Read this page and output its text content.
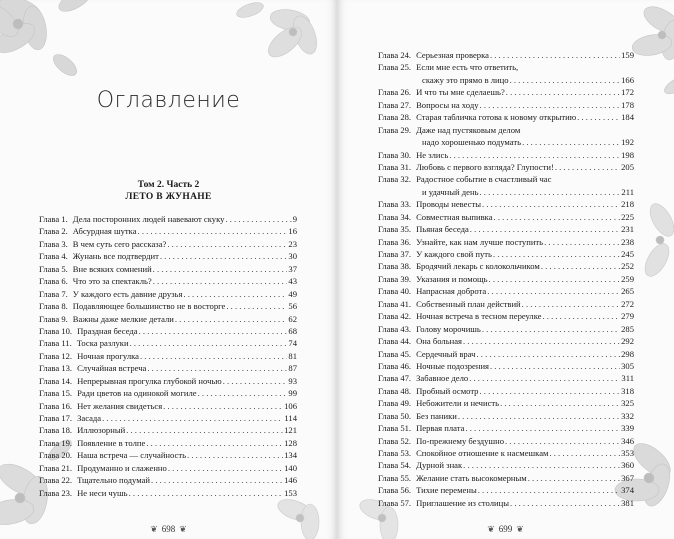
Оглавление
Том 2. Часть 2
ЛЕТО В ЖУНАНЕ
Глава 1. Дела посторонних людей навевают скуку . . .	9
Глава 2. Абсурдная шутка . . .	16
Глава 3. В чем суть сего рассказа? . . .	23
Глава 4. Жунань все подтвердит . . .	30
Глава 5. Вне всяких сомнений . . .	37
Глава 6. Что это за спектакль? . . .	43
Глава 7. У каждого есть давние друзья . . .	49
Глава 8. Подавляющее большинство не в восторге . . .	56
Глава 9. Важны даже мелкие детали . . .	62
Глава 10. Праздная беседа . . .	68
Глава 11. Тоска разлуки . . .	74
Глава 12. Ночная прогулка . . .	81
Глава 13. Случайная встреча . . .	87
Глава 14. Непрерывная прогулка глубокой ночью . . .	93
Глава 15. Ради цветов на одинокой могиле . . .	99
Глава 16. Нет желания свидеться . . .	106
Глава 17. Засада . . .	114
Глава 18. Иллюзорный . . .	121
Глава 19. Появление в толпе . . .	128
Глава 20. Наша встреча — случайность . . .	134
Глава 21. Продуманно и слаженно . . .	140
Глава 22. Тщательно подумай . . .	146
Глава 23. Не неси чушь . . .	153
❦ 698 ❦
Глава 24. Серьезная проверка . . .	159
Глава 25. Если мне есть что ответить,
скажу это прямо в лицо . . .	166
Глава 26. И что ты мне сделаешь? . . .	172
Глава 27. Вопросы на ходу . . .	178
Глава 28. Старая табличка готова к новому открытию . . .	184
Глава 29. Даже над пустяковым делом
надо хорошенько подумать . . .	192
Глава 30. Не злись . . .	198
Глава 31. Любовь с первого взгляда? Глупости! . . .	205
Глава 32. Радостное событие в счастливый час
и удачный день . . .	211
Глава 33. Проводы невесты . . .	218
Глава 34. Совместная выпивка . . .	225
Глава 35. Пьяная беседа . . .	231
Глава 36. Узнайте, как нам лучше поступить . . .	238
Глава 37. У каждого свой путь . . .	245
Глава 38. Бродячий лекарь с колокольчиком . . .	252
Глава 39. Указания и помощь . . .	259
Глава 40. Напрасная доброта . . .	265
Глава 41. Собственный план действий . . .	272
Глава 42. Ночная встреча в тесном переулке . . .	279
Глава 43. Голову морочишь . . .	285
Глава 44. Она больная . . .	292
Глава 45. Сердечный врач . . .	298
Глава 46. Ночные подозрения . . .	305
Глава 47. Забавное дело . . .	311
Глава 48. Пробный осмотр . . .	318
Глава 49. Небожители и нечисть . . .	325
Глава 50. Без паники . . .	332
Глава 51. Первая плата . . .	339
Глава 52. По-прежнему бездушно . . .	346
Глава 53. Спокойное отношение к насмешкам . . .	353
Глава 54. Дурной знак . . .	360
Глава 55. Желание стать высокомерным . . .	367
Глава 56. Тихие перемены . . .	374
Глава 57. Приглашение из столицы . . .	381
❦ 699 ❦
